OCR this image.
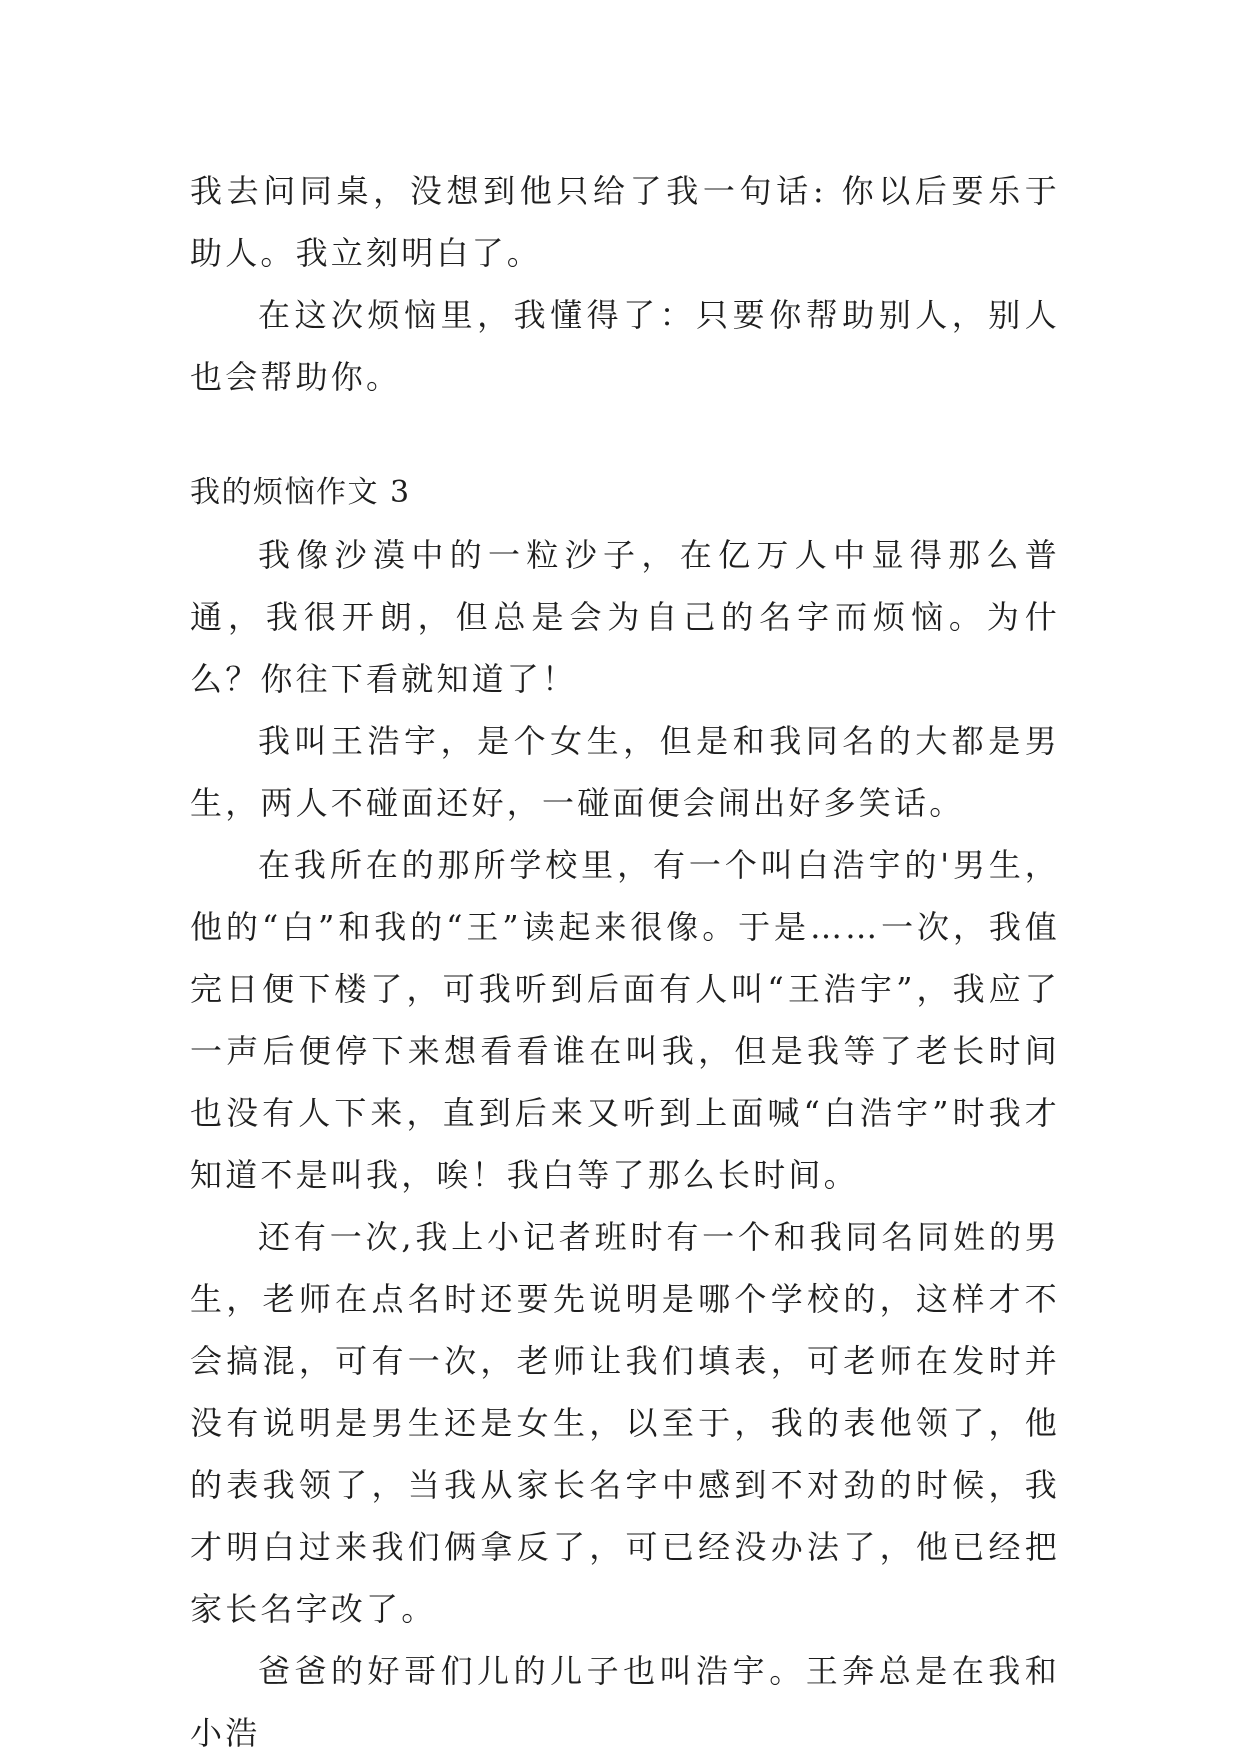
我去问同桌，没想到他只给了我一句话: 你以后要乐于助人。我立刻明白了。

在这次烦恼里，我懂得了：只要你帮助别人，别人也会帮助你。

我的烦恼作文 3

我像沙漠中的一粒沙子，在亿万人中显得那么普通，我很开朗，但总是会为自己的名字而烦恼。为什么？你往下看就知道了！

我叫王浩宇，是个女生，但是和我同名的大都是男生，两人不碰面还好，一碰面便会闹出好多笑话。

在我所在的那所学校里，有一个叫白浩宇的'男生，他的“白”和我的“王”读起来很像。于是……一次，我值完日便下楼了，可我听到后面有人叫“王浩宇”，我应了一声后便停下来想看看谁在叫我，但是我等了老长时间也没有人下来，直到后来又听到上面喊“白浩宇”时我才知道不是叫我，唉！我白等了那么长时间。

还有一次,我上小记者班时有一个和我同名同姓的男生，老师在点名时还要先说明是哪个学校的，这样才不会搞混，可有一次，老师让我们填表，可老师在发时并没有说明是男生还是女生，以至于，我的表他领了，他的表我领了，当我从家长名字中感到不对劲的时候，我才明白过来我们俩拿反了，可已经没办法了，他已经把家长名字改了。

爸爸的好哥们儿的儿子也叫浩宇。王奔总是在我和小浩
